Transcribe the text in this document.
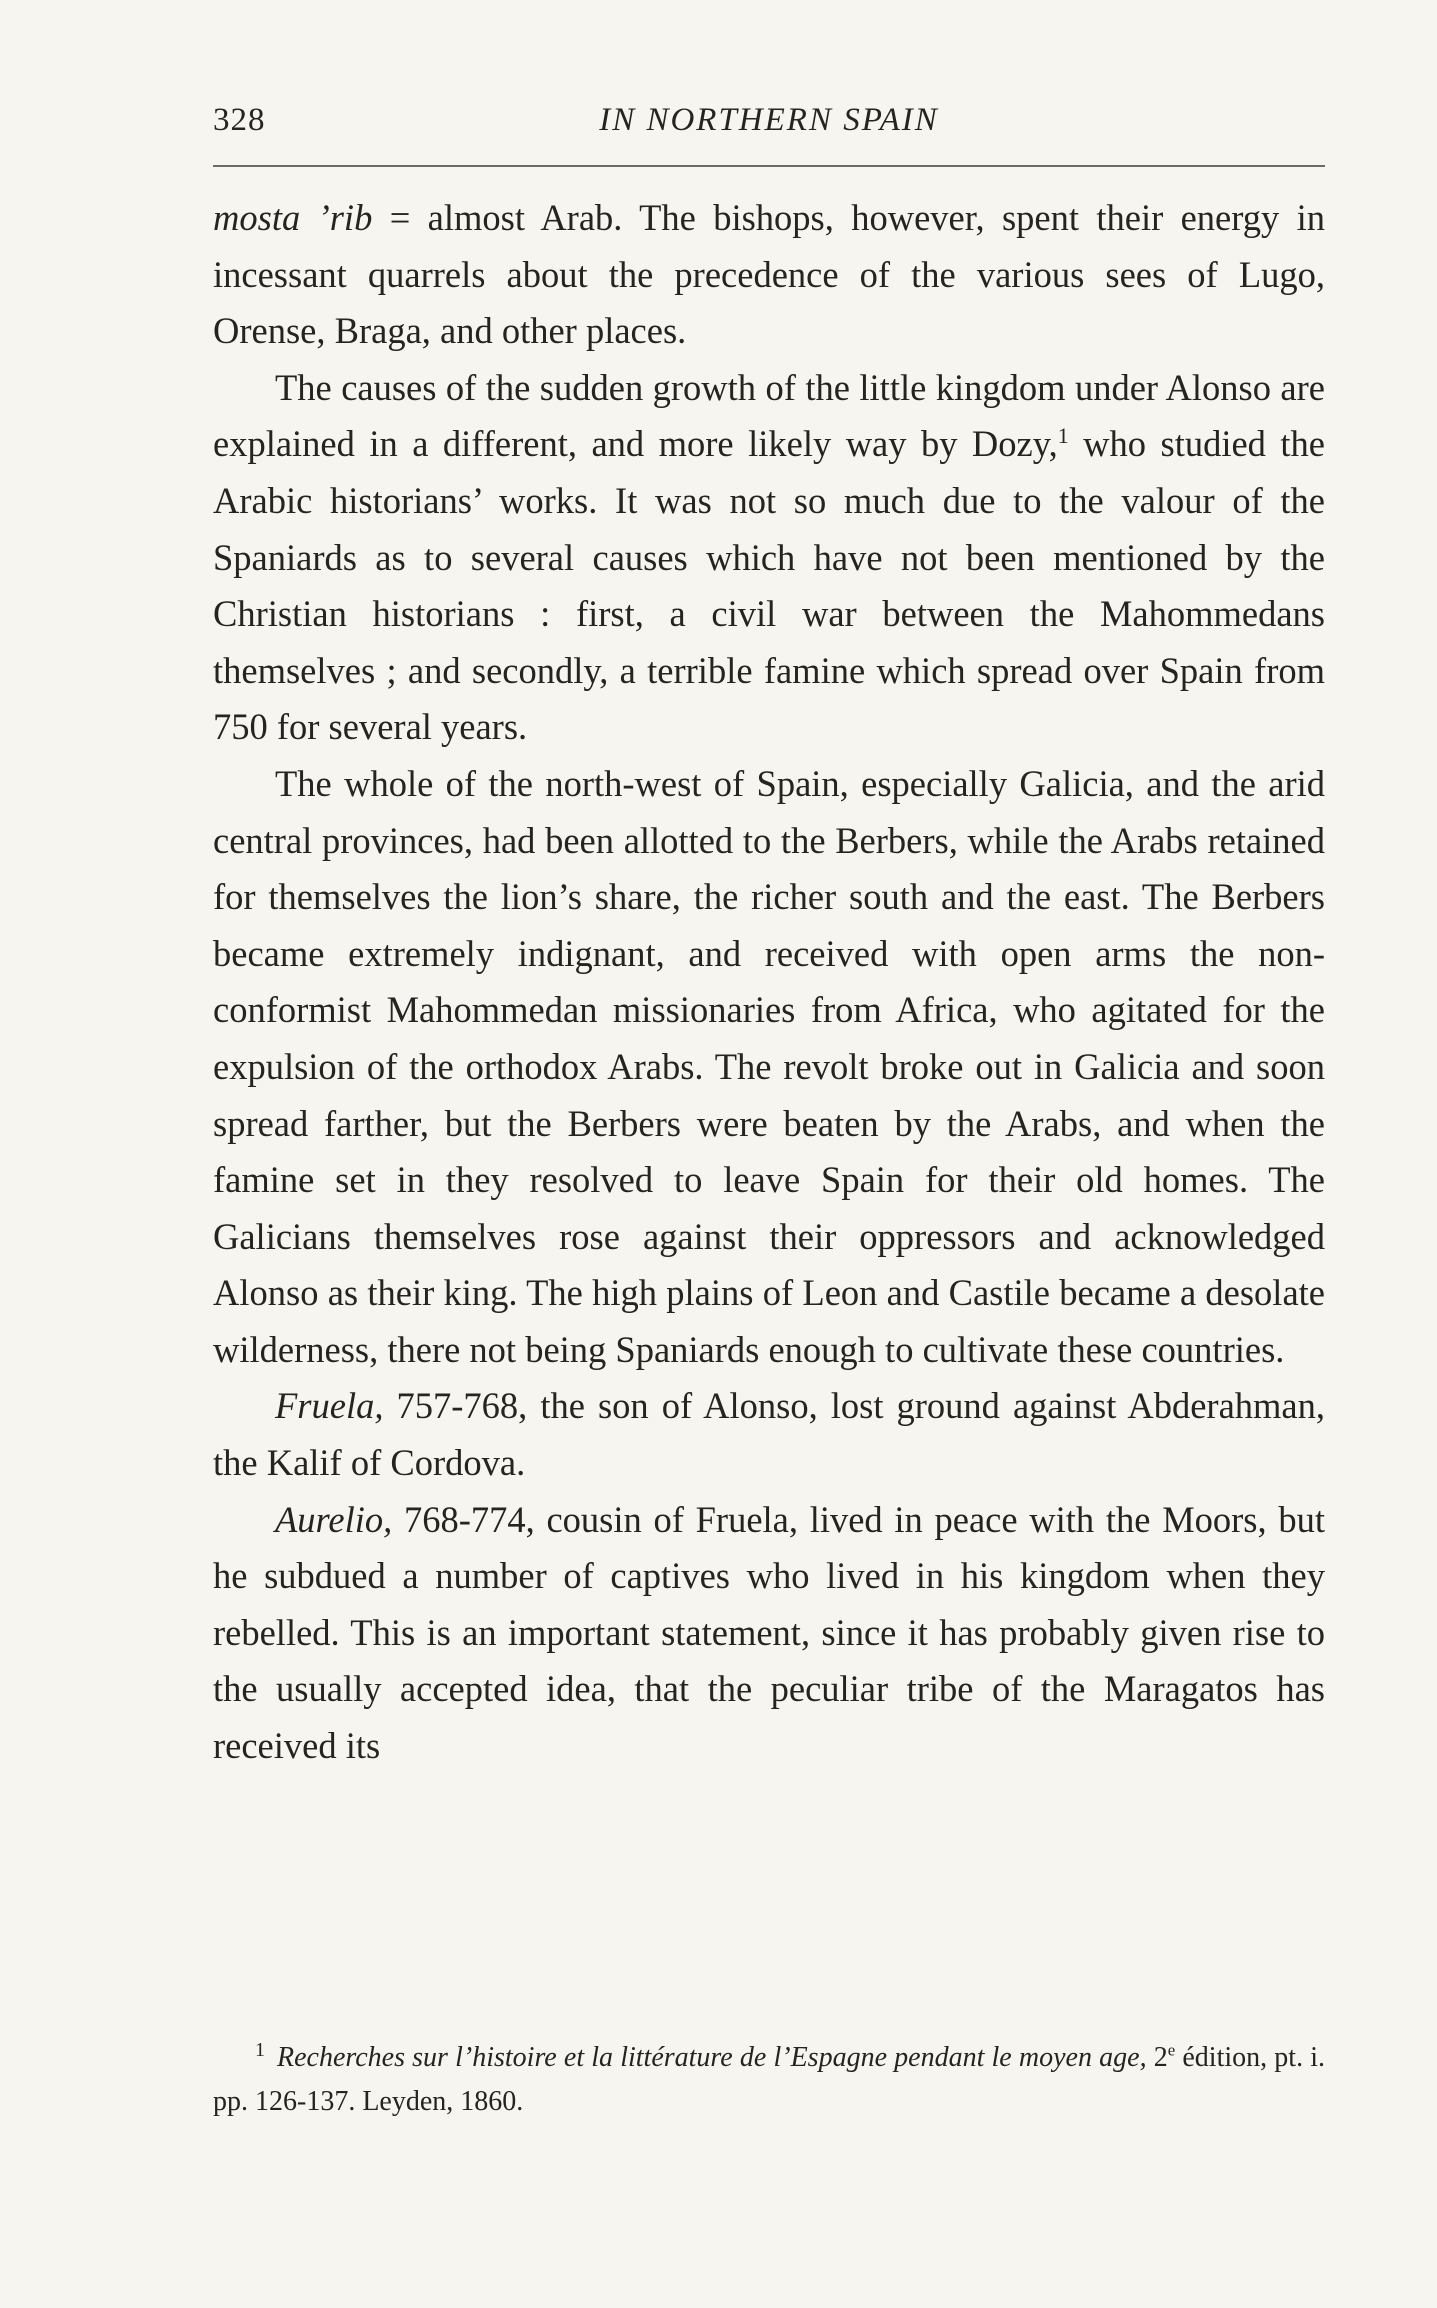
328	IN NORTHERN SPAIN

mosta ’rib = almost Arab. The bishops, however, spent their energy in incessant quarrels about the precedence of the various sees of Lugo, Orense, Braga, and other places.

The causes of the sudden growth of the little kingdom under Alonso are explained in a different, and more likely way by Dozy,$^1$ who studied the Arabic historians’ works. It was not so much due to the valour of the Spaniards as to several causes which have not been mentioned by the Christian historians : first, a civil war between the Mahommedans themselves ; and secondly, a terrible famine which spread over Spain from 750 for several years.

The whole of the north-west of Spain, especially Galicia, and the arid central provinces, had been allotted to the Berbers, while the Arabs retained for themselves the lion’s share, the richer south and the east. The Berbers became extremely indignant, and received with open arms the nonconformist Mahommedan missionaries from Africa, who agitated for the expulsion of the orthodox Arabs. The revolt broke out in Galicia and soon spread farther, but the Berbers were beaten by the Arabs, and when the famine set in they resolved to leave Spain for their old homes. The Galicians themselves rose against their oppressors and acknowledged Alonso as their king. The high plains of Leon and Castile became a desolate wilderness, there not being Spaniards enough to cultivate these countries.

Fruela, 757-768, the son of Alonso, lost ground against Abderahman, the Kalif of Cordova.

Aurelio, 768-774, cousin of Fruela, lived in peace with the Moors, but he subdued a number of captives who lived in his kingdom when they rebelled. This is an important statement, since it has probably given rise to the usually accepted idea, that the peculiar tribe of the Maragatos has received its

$^1$ Recherches sur l’histoire et la littérature de l’Espagne pendant le moyen age, 2e édition, pt. i. pp. 126-137. Leyden, 1860.
